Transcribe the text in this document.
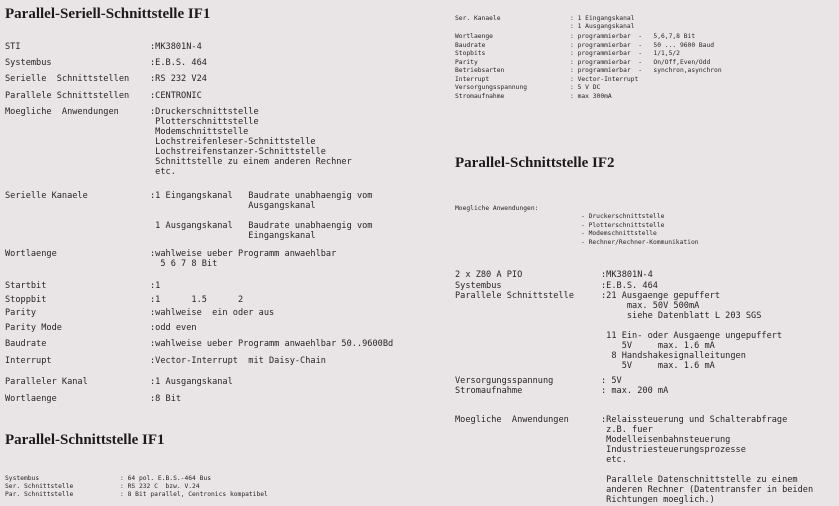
Parallel-Seriell-Schnittstelle IF1
STI	:MK3801N-4
Systembus	:E.B.S. 464
Serielle  Schnittstellen :RS 232 V24
Parallele Schnittstellen :CENTRONIC
Moegliche  Anwendungen	:Druckerschnittstelle
Plotterschnittstelle
Modemschnittstelle
Lochstreifenleser-Schnittstelle
Lochstreifenstanzer-Schnittstelle
Schnittstelle zu einem anderen Rechner
etc.
Serielle Kanaele	:1 Eingangskanal   Baudrate unabhaengig vom
Ausgangskanal

1 Ausgangskanal   Baudrate unabhaengig vom
Eingangskanal
Wortlaenge	:wahlweise ueber Programm anwaehlbar
5 6 7 8 Bit
Startbit	:1
Stoppbit	:1      1.5      2
Parity	:wahlweise  ein oder aus
Parity Mode	:odd even
Baudrate	:wahlweise ueber Programm anwaehlbar 50..9600Bd
Interrupt	:Vector-Interrupt  mit Daisy-Chain
Paralleler Kanal	:1 Ausgangskanal
Wortlaenge	:8 Bit
Parallel-Schnittstelle IF1
Systembus	: 64 pol. E.B.S.-464 Bus
Ser. Schnittstelle	: RS 232 C  bzw. V.24
Par. Schnittstelle	: 8 Bit parallel, Centronics kompatibel
Ser. Kanaele	: 1 Eingangskanal
: 1 Ausgangskanal
Wortlaenge	: programmierbar  -   5,6,7,8 Bit
Baudrate	: programmierbar  -   50 ... 9600 Baud
Stopbits	: programmierbar  -   1/1,5/2
Parity	: programmierbar  -   On/Off,Even/Odd
Betriebsarten	: programmierbar  -   synchron,asynchron
Interrupt	: Vector-Interrupt
Versorgungsspannung	: 5 V DC
Stromaufnahme	: max 300mA
Parallel-Schnittstelle IF2
Moegliche Anwendungen:
- Druckerschnittstelle
- Plotterschnittstelle
- Modemschnittstelle
- Rechner/Rechner-Kommunikation
2 x Z80 A PIO	:MK3801N-4
Systembus	:E.B.S. 464
Parallele Schnittstelle	:21 Ausgaenge gepuffert
max. 50V 500mA
siehe Datenblatt L 203 SGS

11 Ein- oder Ausgaenge ungepuffert
5V     max. 1.6 mA
8 Handshakesignalleitungen
5V     max. 1.6 mA
Versorgungsspannung	: 5V
Stromaufnahme	: max. 200 mA
Moegliche  Anwendungen	:Relaissteuerung und Schalterabfrage
z.B. fuer
Modelleisenbahnsteuerung
Industriesteuerungsprozesse
etc.

Parallele Datenschnittstelle zu einem
anderen Rechner (Datentransfer in beiden
Richtungen moeglich.)
